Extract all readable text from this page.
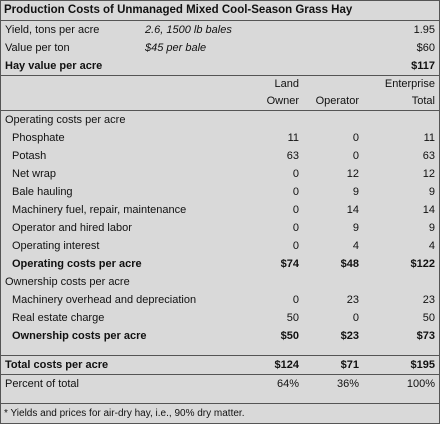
Production Costs of Unmanaged Mixed Cool-Season Grass Hay
Yield, tons per acre	2.6, 1500 lb bales	1.95
Value per ton	$45 per bale	$60
Hay value per acre	$117
Land	Enterprise
Owner	Operator	Total
Operating costs per acre
Phosphate	11	0	11
Potash	63	0	63
Net wrap	0	12	12
Bale hauling	0	9	9
Machinery fuel, repair, maintenance	0	14	14
Operator and hired labor	0	9	9
Operating interest	0	4	4
Operating costs per acre	$74	$48	$122
Ownership costs per acre
Machinery overhead and depreciation	0	23	23
Real estate charge	50	0	50
Ownership costs per acre	$50	$23	$73
Total costs per acre	$124	$71	$195
Percent of total	64%	36%	100%
* Yields and prices for air-dry hay, i.e., 90% dry matter.
